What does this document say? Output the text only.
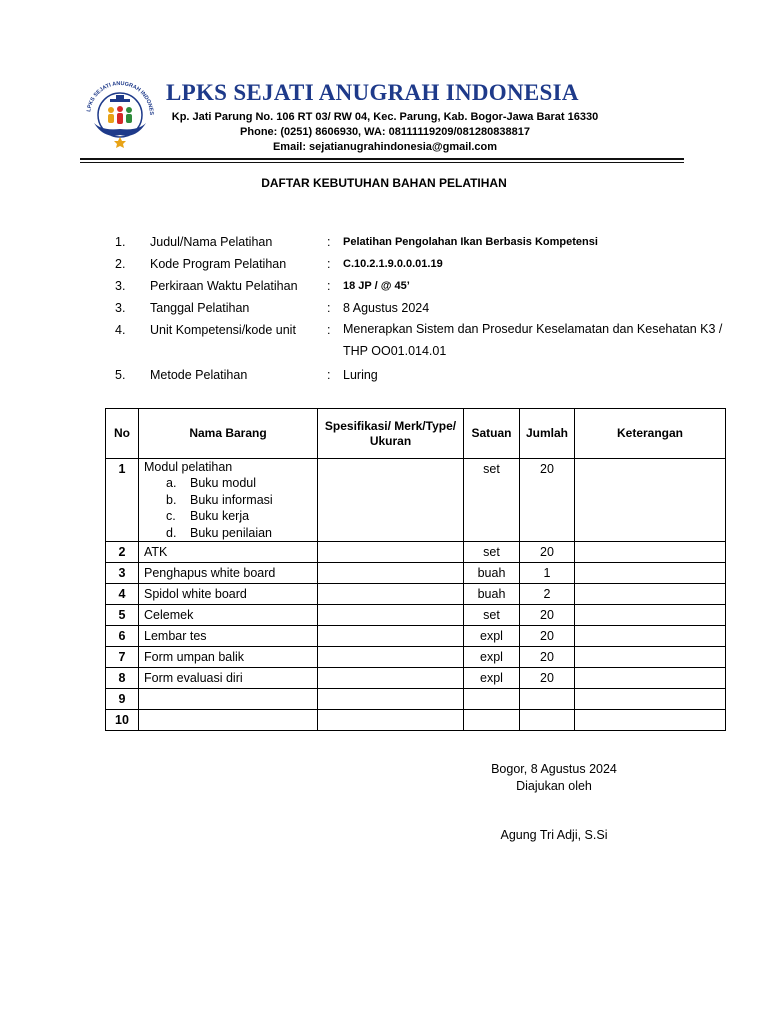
LPKS SEJATI ANUGRAH INDONES
LPKS SEJATI ANUGRAH INDONESIA
Kp. Jati Parung No. 106 RT 03/ RW 04, Kec. Parung, Kab. Bogor-Jawa Barat 16330
Phone: (0251) 8606930, WA: 08111119209/081280838817
Email: sejatianugrahindonesia@gmail.com
DAFTAR KEBUTUHAN BAHAN PELATIHAN
1. Judul/Nama Pelatihan	: Pelatihan Pengolahan Ikan Berbasis Kompetensi
2. Kode Program Pelatihan	: C.10.2.1.9.0.0.01.19
3. Perkiraan Waktu Pelatihan : 18 JP / @ 45’
3. Tanggal Pelatihan	: 8 Agustus 2024
4. Unit Kompetensi/kode unit : Menerapkan Sistem dan Prosedur Keselamatan dan Kesehatan K3 / THP OO01.014.01
5. Metode Pelatihan	: Luring
No	Nama Barang	Spesifikasi/ Merk/Type/ Ukuran	Satuan	Jumlah	Keterangan
1	Modul pelatihan
a. Buku modul
b. Buku informasi
c. Buku kerja
d. Buku penilaian		set	20	
2	ATK		set	20	
3	Penghapus white board		buah	1	
4	Spidol white board		buah	2	
5	Celemek		set	20	
6	Lembar tes		expl	20	
7	Form umpan balik		expl	20	
8	Form evaluasi diri		expl	20	
9					
10					
Bogor, 8 Agustus 2024
Diajukan oleh
Agung Tri Adji, S.Si
